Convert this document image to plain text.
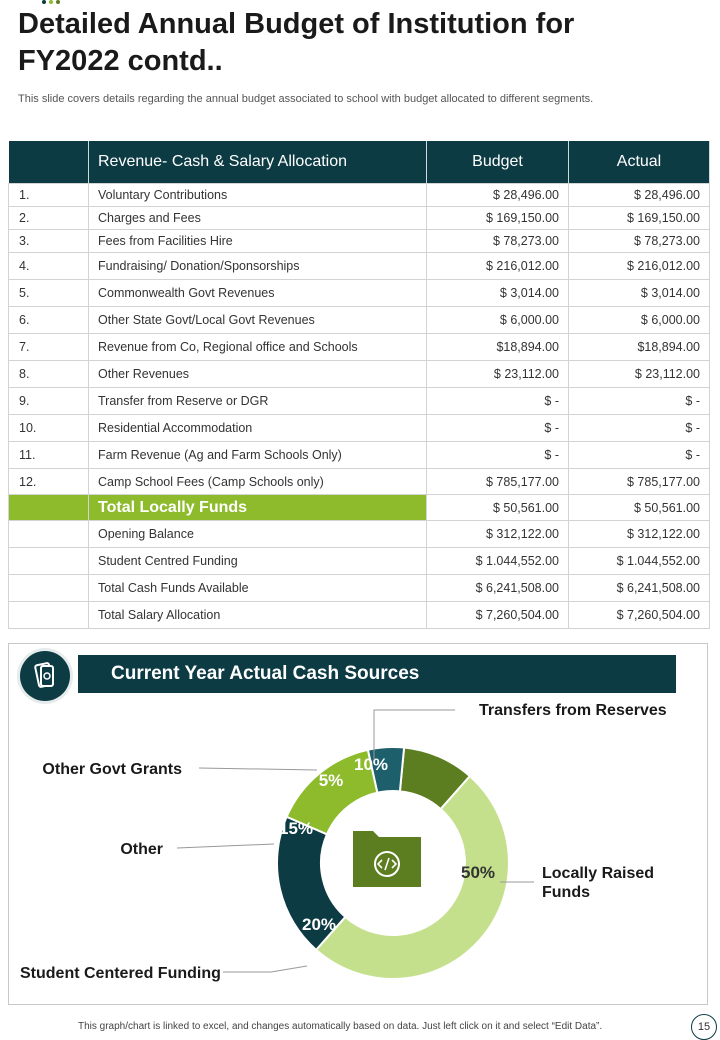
Detailed Annual Budget of Institution for FY2022 contd..

This slide covers details regarding the annual budget associated to school with budget allocated to different segments.

	Revenue- Cash & Salary Allocation	Budget	Actual
1.	Voluntary Contributions	$ 28,496.00	$ 28,496.00
2.	Charges and Fees	$ 169,150.00	$ 169,150.00
3.	Fees from Facilities Hire	$ 78,273.00	$ 78,273.00
4.	Fundraising/ Donation/Sponsorships	$ 216,012.00	$ 216,012.00
5.	Commonwealth Govt Revenues	$ 3,014.00	$ 3,014.00
6.	Other State Govt/Local Govt Revenues	$ 6,000.00	$ 6,000.00
7.	Revenue from Co, Regional office and Schools	$18,894.00	$18,894.00
8.	Other Revenues	$ 23,112.00	$ 23,112.00
9.	Transfer from Reserve or DGR	$ -	$ -
10.	Residential Accommodation	$ -	$ -
11.	Farm Revenue (Ag and Farm Schools Only)	$ -	$ -
12.	Camp School Fees (Camp Schools only)	$ 785,177.00	$ 785,177.00
	Total Locally Funds	$ 50,561.00	$ 50,561.00
	Opening Balance	$ 312,122.00	$ 312,122.00
	Student Centred Funding	$ 1.044,552.00	$ 1.044,552.00
	Total Cash Funds Available	$ 6,241,508.00	$ 6,241,508.00
	Total Salary Allocation	$ 7,260,504.00	$ 7,260,504.00
10%
Transfers from Reserves
50%	Locally Raised Funds
20%
Student Centered Funding
15%
Other
5%
Other Govt Grants
Current Year Actual Cash Sources
This graph/chart is linked to excel, and changes automatically based on data. Just left click on it and select “Edit Data”.	15
